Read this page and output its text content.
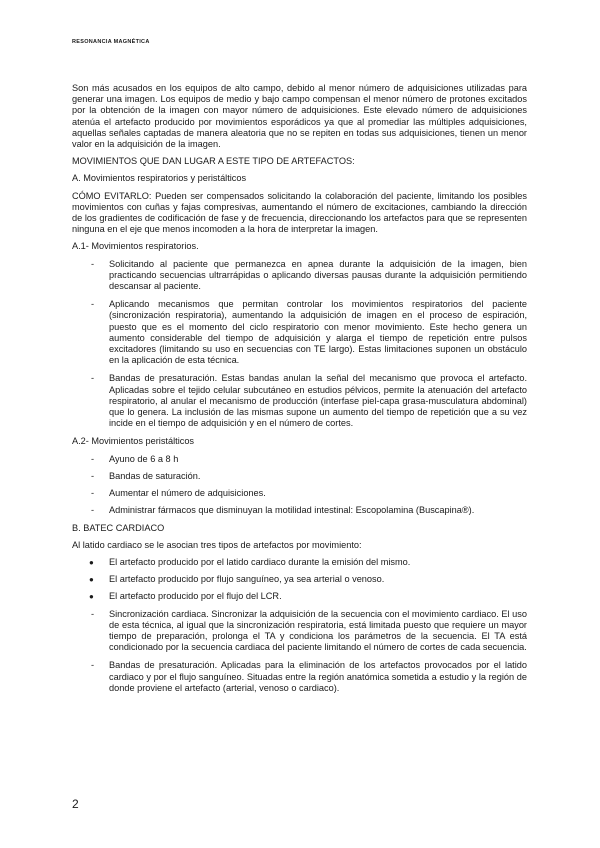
RESONANCIA MAGNÉTICA

Son más acusados en los equipos de alto campo, debido al menor número de adquisiciones utilizadas para generar una imagen. Los equipos de medio y bajo campo compensan el menor número de protones excitados por la obtención de la imagen con mayor número de adquisiciones. Este elevado número de adquisiciones atenúa el artefacto producido por movimientos esporádicos ya que al promediar las múltiples adquisiciones, aquellas señales captadas de manera aleatoria que no se repiten en todas sus adquisiciones, tienen un menor valor en la adquisición de la imagen.

MOVIMIENTOS QUE DAN LUGAR A ESTE TIPO DE ARTEFACTOS:

A. Movimientos respiratorios y peristálticos

CÓMO EVITARLO: Pueden ser compensados solicitando la colaboración del paciente, limitando los posibles movimientos con cuñas y fajas compresivas, aumentando el número de excitaciones, cambiando la dirección de los gradientes de codificación de fase y de frecuencia, direccionando los artefactos para que se representen ninguna en el eje que menos incomoden a la hora de interpretar la imagen.

A.1- Movimientos respiratorios.

- Solicitando al paciente que permanezca en apnea durante la adquisición de la imagen, bien practicando secuencias ultrarrápidas o aplicando diversas pausas durante la adquisición permitiendo descansar al paciente.
- Aplicando mecanismos que permitan controlar los movimientos respiratorios del paciente (sincronización respiratoria), aumentando la adquisición de imagen en el proceso de espiración, puesto que es el momento del ciclo respiratorio con menor movimiento. Este hecho genera un aumento considerable del tiempo de adquisición y alarga el tiempo de repetición entre pulsos excitadores (limitando su uso en secuencias con TE largo). Estas limitaciones suponen un obstáculo en la aplicación de esta técnica.
- Bandas de presaturación. Estas bandas anulan la señal del mecanismo que provoca el artefacto. Aplicadas sobre el tejido celular subcutáneo en estudios pélvicos, permite la atenuación del artefacto respiratorio, al anular el mecanismo de producción (interfase piel-capa grasa-musculatura abdominal) que lo genera. La inclusión de las mismas supone un aumento del tiempo de repetición que a su vez incide en el tiempo de adquisición y en el número de cortes.

A.2- Movimientos peristálticos

- Ayuno de 6 a 8 h
- Bandas de saturación.
- Aumentar el número de adquisiciones.
- Administrar fármacos que disminuyan la motilidad intestinal: Escopolamina (Buscapina®).

B. BATEC CARDIACO

Al latido cardiaco se le asocian tres tipos de artefactos por movimiento:

● El artefacto producido por el latido cardiaco durante la emisión del mismo.
● El artefacto producido por flujo sanguíneo, ya sea arterial o venoso.
● El artefacto producido por el flujo del LCR.
- Sincronización cardiaca. Sincronizar la adquisición de la secuencia con el movimiento cardiaco. El uso de esta técnica, al igual que la sincronización respiratoria, está limitada puesto que requiere un mayor tiempo de preparación, prolonga el TA y condiciona los parámetros de la secuencia. El TA está condicionado por la secuencia cardiaca del paciente limitando el número de cortes de cada secuencia.
- Bandas de presaturación. Aplicadas para la eliminación de los artefactos provocados por el latido cardiaco y por el flujo sanguíneo. Situadas entre la región anatómica sometida a estudio y la región de donde proviene el artefacto (arterial, venoso o cardiaco).
2
